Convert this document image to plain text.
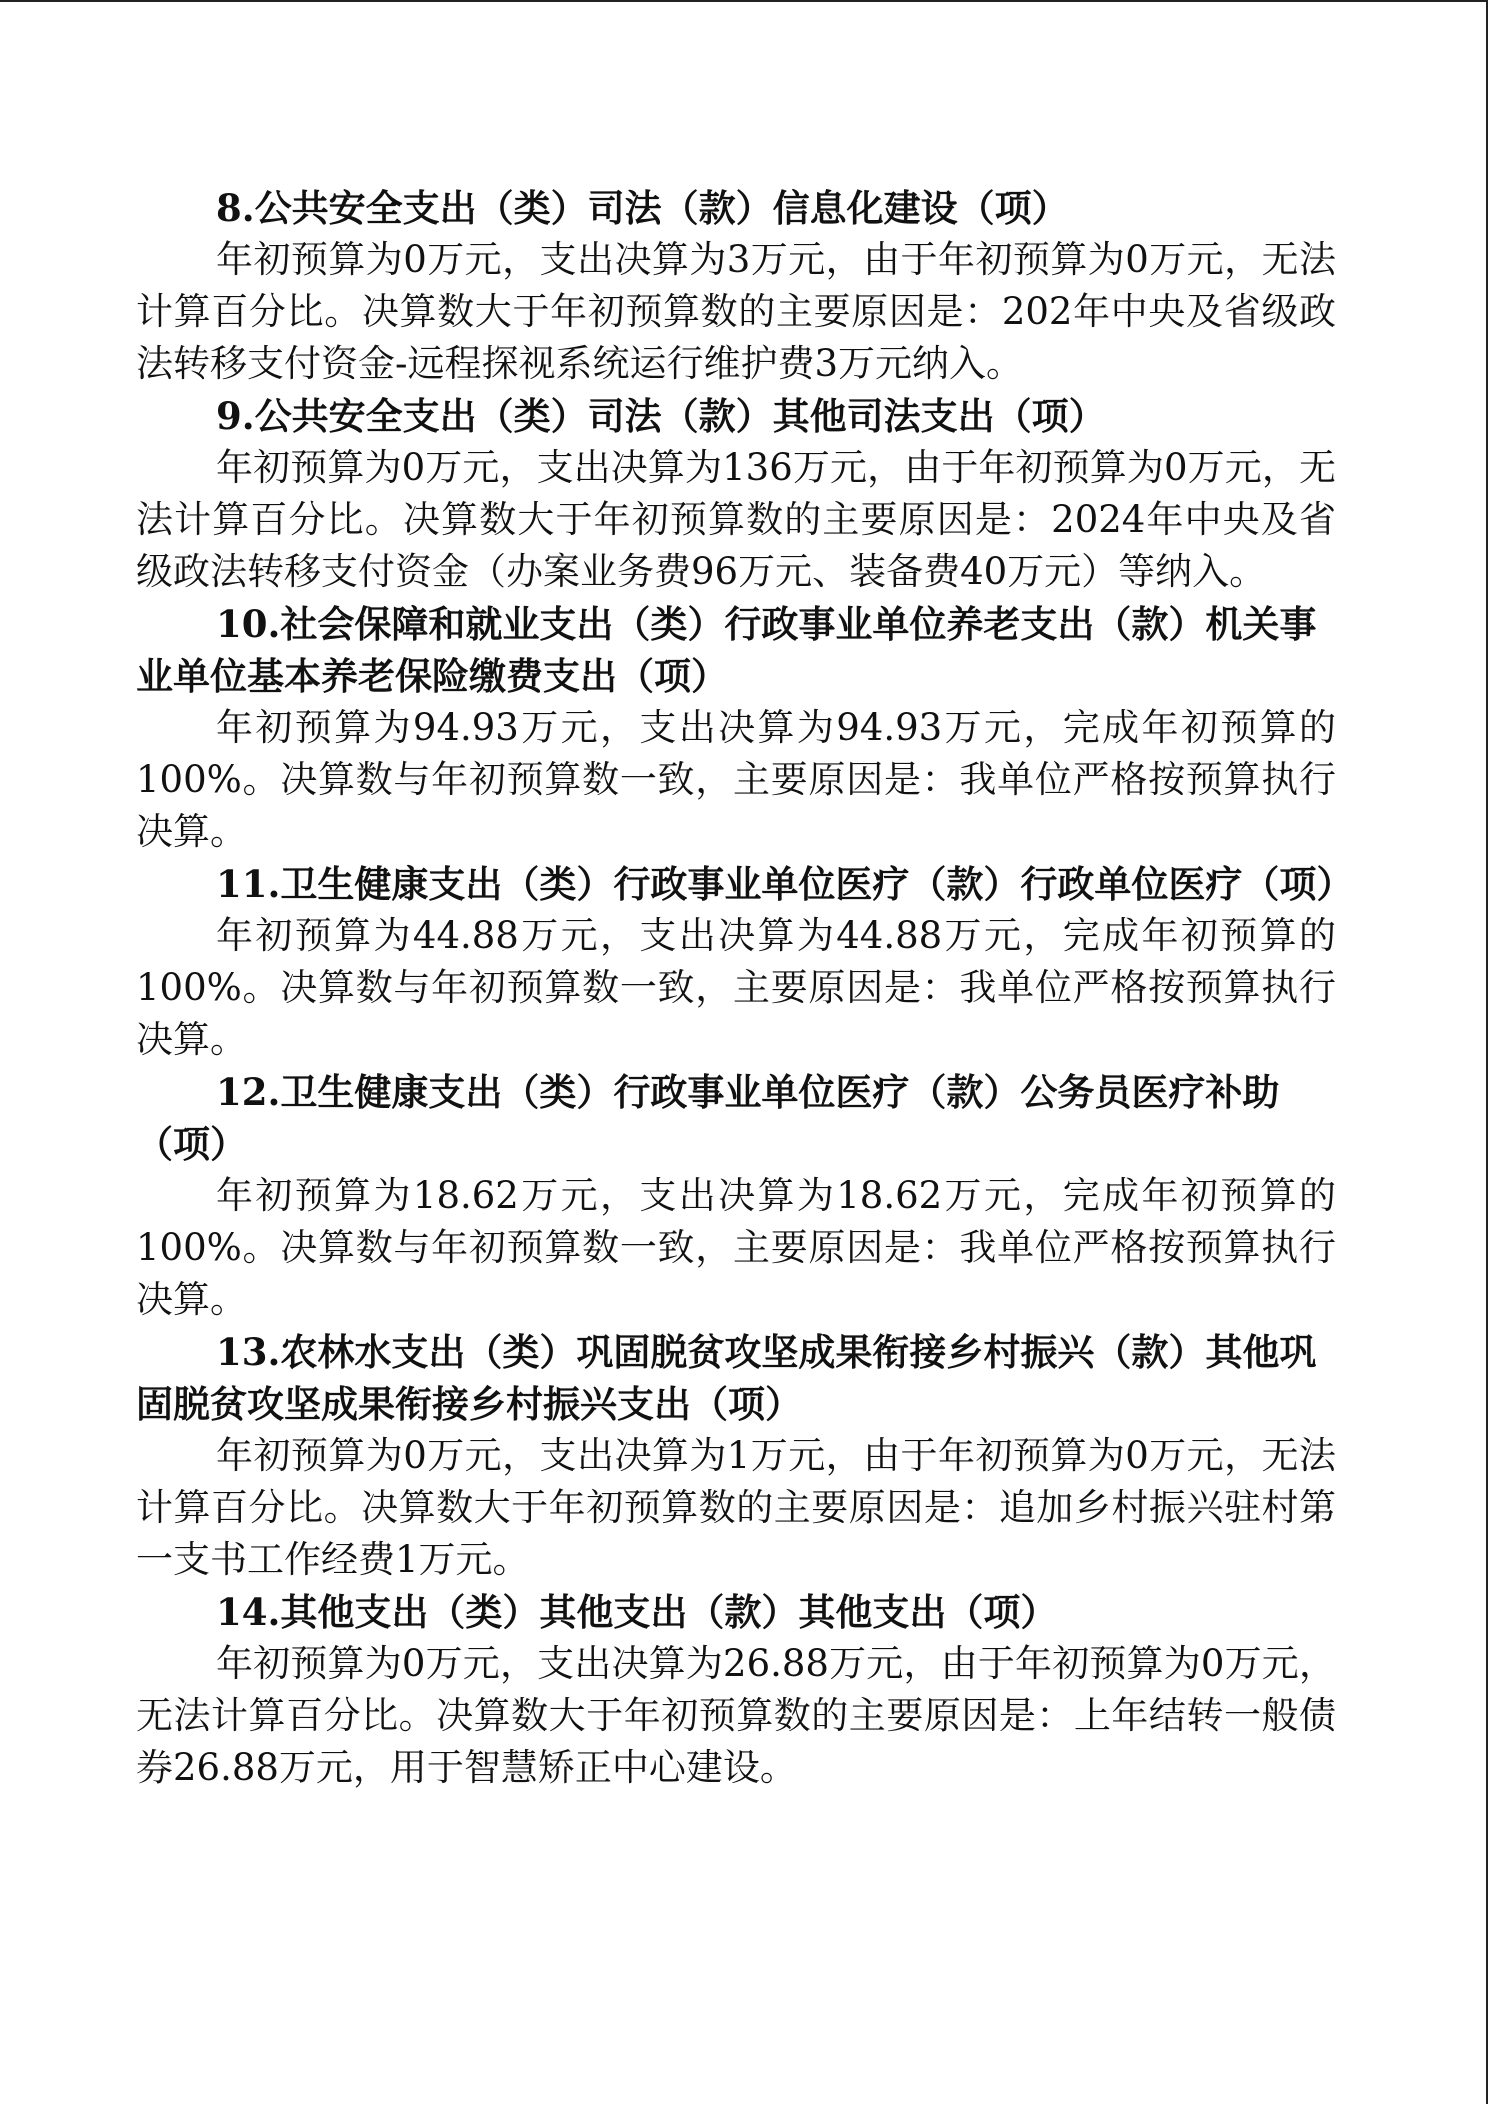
8.公共安全支出（类）司法（款）信息化建设（项）

年初预算为0万元，支出决算为3万元，由于年初预算为0万元，无法计算百分比。决算数大于年初预算数的主要原因是：202年中央及省级政法转移支付资金-远程探视系统运行维护费3万元纳入。

9.公共安全支出（类）司法（款）其他司法支出（项）

年初预算为0万元，支出决算为136万元，由于年初预算为0万元，无法计算百分比。决算数大于年初预算数的主要原因是：2024年中央及省级政法转移支付资金（办案业务费96万元、装备费40万元）等纳入。

10.社会保障和就业支出（类）行政事业单位养老支出（款）机关事业单位基本养老保险缴费支出（项）

年初预算为94.93万元，支出决算为94.93万元，完成年初预算的100%。决算数与年初预算数一致，主要原因是：我单位严格按预算执行决算。

11.卫生健康支出（类）行政事业单位医疗（款）行政单位医疗（项）

年初预算为44.88万元，支出决算为44.88万元，完成年初预算的100%。决算数与年初预算数一致，主要原因是：我单位严格按预算执行决算。

12.卫生健康支出（类）行政事业单位医疗（款）公务员医疗补助（项）

年初预算为18.62万元，支出决算为18.62万元，完成年初预算的100%。决算数与年初预算数一致，主要原因是：我单位严格按预算执行决算。

13.农林水支出（类）巩固脱贫攻坚成果衔接乡村振兴（款）其他巩固脱贫攻坚成果衔接乡村振兴支出（项）

年初预算为0万元，支出决算为1万元，由于年初预算为0万元，无法计算百分比。决算数大于年初预算数的主要原因是：追加乡村振兴驻村第一支书工作经费1万元。

14.其他支出（类）其他支出（款）其他支出（项）

年初预算为0万元，支出决算为26.88万元，由于年初预算为0万元，无法计算百分比。决算数大于年初预算数的主要原因是：上年结转一般债券26.88万元，用于智慧矫正中心建设。
